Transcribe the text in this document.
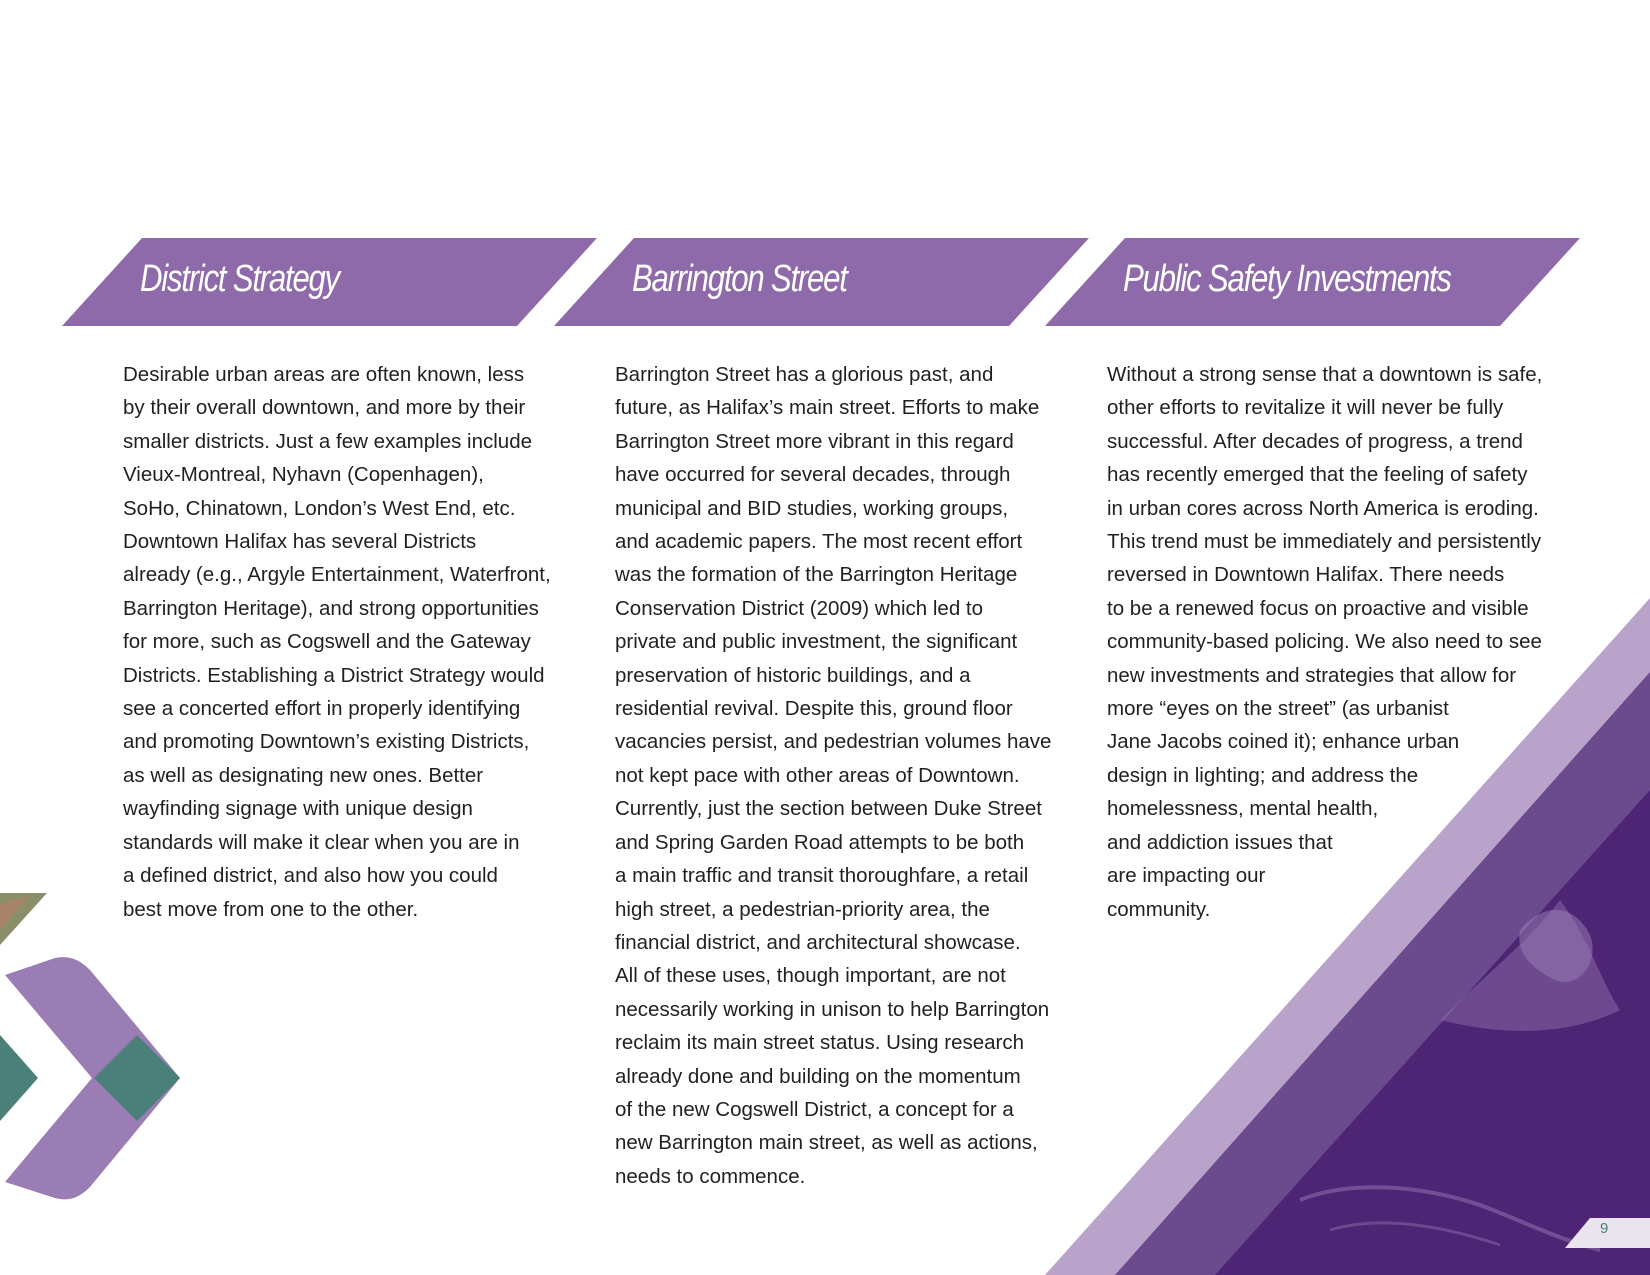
District Strategy

Desirable urban areas are often known, less

by their overall downtown, and more by their

smaller districts. Just a few examples include

Vieux-Montreal, Nyhavn (Copenhagen),

SoHo, Chinatown, London’s West End, etc.

Downtown Halifax has several Districts

already (e.g., Argyle Entertainment, Waterfront,

Barrington Heritage), and strong opportunities

for more, such as Cogswell and the Gateway

Districts. Establishing a District Strategy would

see a concerted effort in properly identifying

and promoting Downtown’s existing Districts,

as well as designating new ones. Better

wayfinding signage with unique design

standards will make it clear when you are in

a defined district, and also how you could

best move from one to the other.

Barrington Street

Barrington Street has a glorious past, and

future, as Halifax’s main street. Efforts to make

Barrington Street more vibrant in this regard

have occurred for several decades, through

municipal and BID studies, working groups,

and academic papers. The most recent effort

was the formation of the Barrington Heritage

Conservation District (2009) which led to

private and public investment, the significant

preservation of historic buildings, and a

residential revival. Despite this, ground floor

vacancies persist, and pedestrian volumes have

not kept pace with other areas of Downtown.

Currently, just the section between Duke Street

and Spring Garden Road attempts to be both

a main traffic and transit thoroughfare, a retail

high street, a pedestrian-priority area, the

financial district, and architectural showcase.

All of these uses, though important, are not

necessarily working in unison to help Barrington

reclaim its main street status. Using research

already done and building on the momentum

of the new Cogswell District, a concept for a

new Barrington main street, as well as actions,

needs to commence.

Public Safety Investments

Without a strong sense that a downtown is safe,

other efforts to revitalize it will never be fully

successful. After decades of progress, a trend

has recently emerged that the feeling of safety

in urban cores across North America is eroding.

This trend must be immediately and persistently

reversed in Downtown Halifax. There needs

to be a renewed focus on proactive and visible

community-based policing. We also need to see

new investments and strategies that allow for

more “eyes on the street” (as urbanist

Jane Jacobs coined it); enhance urban

design in lighting; and address the

homelessness, mental health,

and addiction issues that

are impacting our

community.

9
